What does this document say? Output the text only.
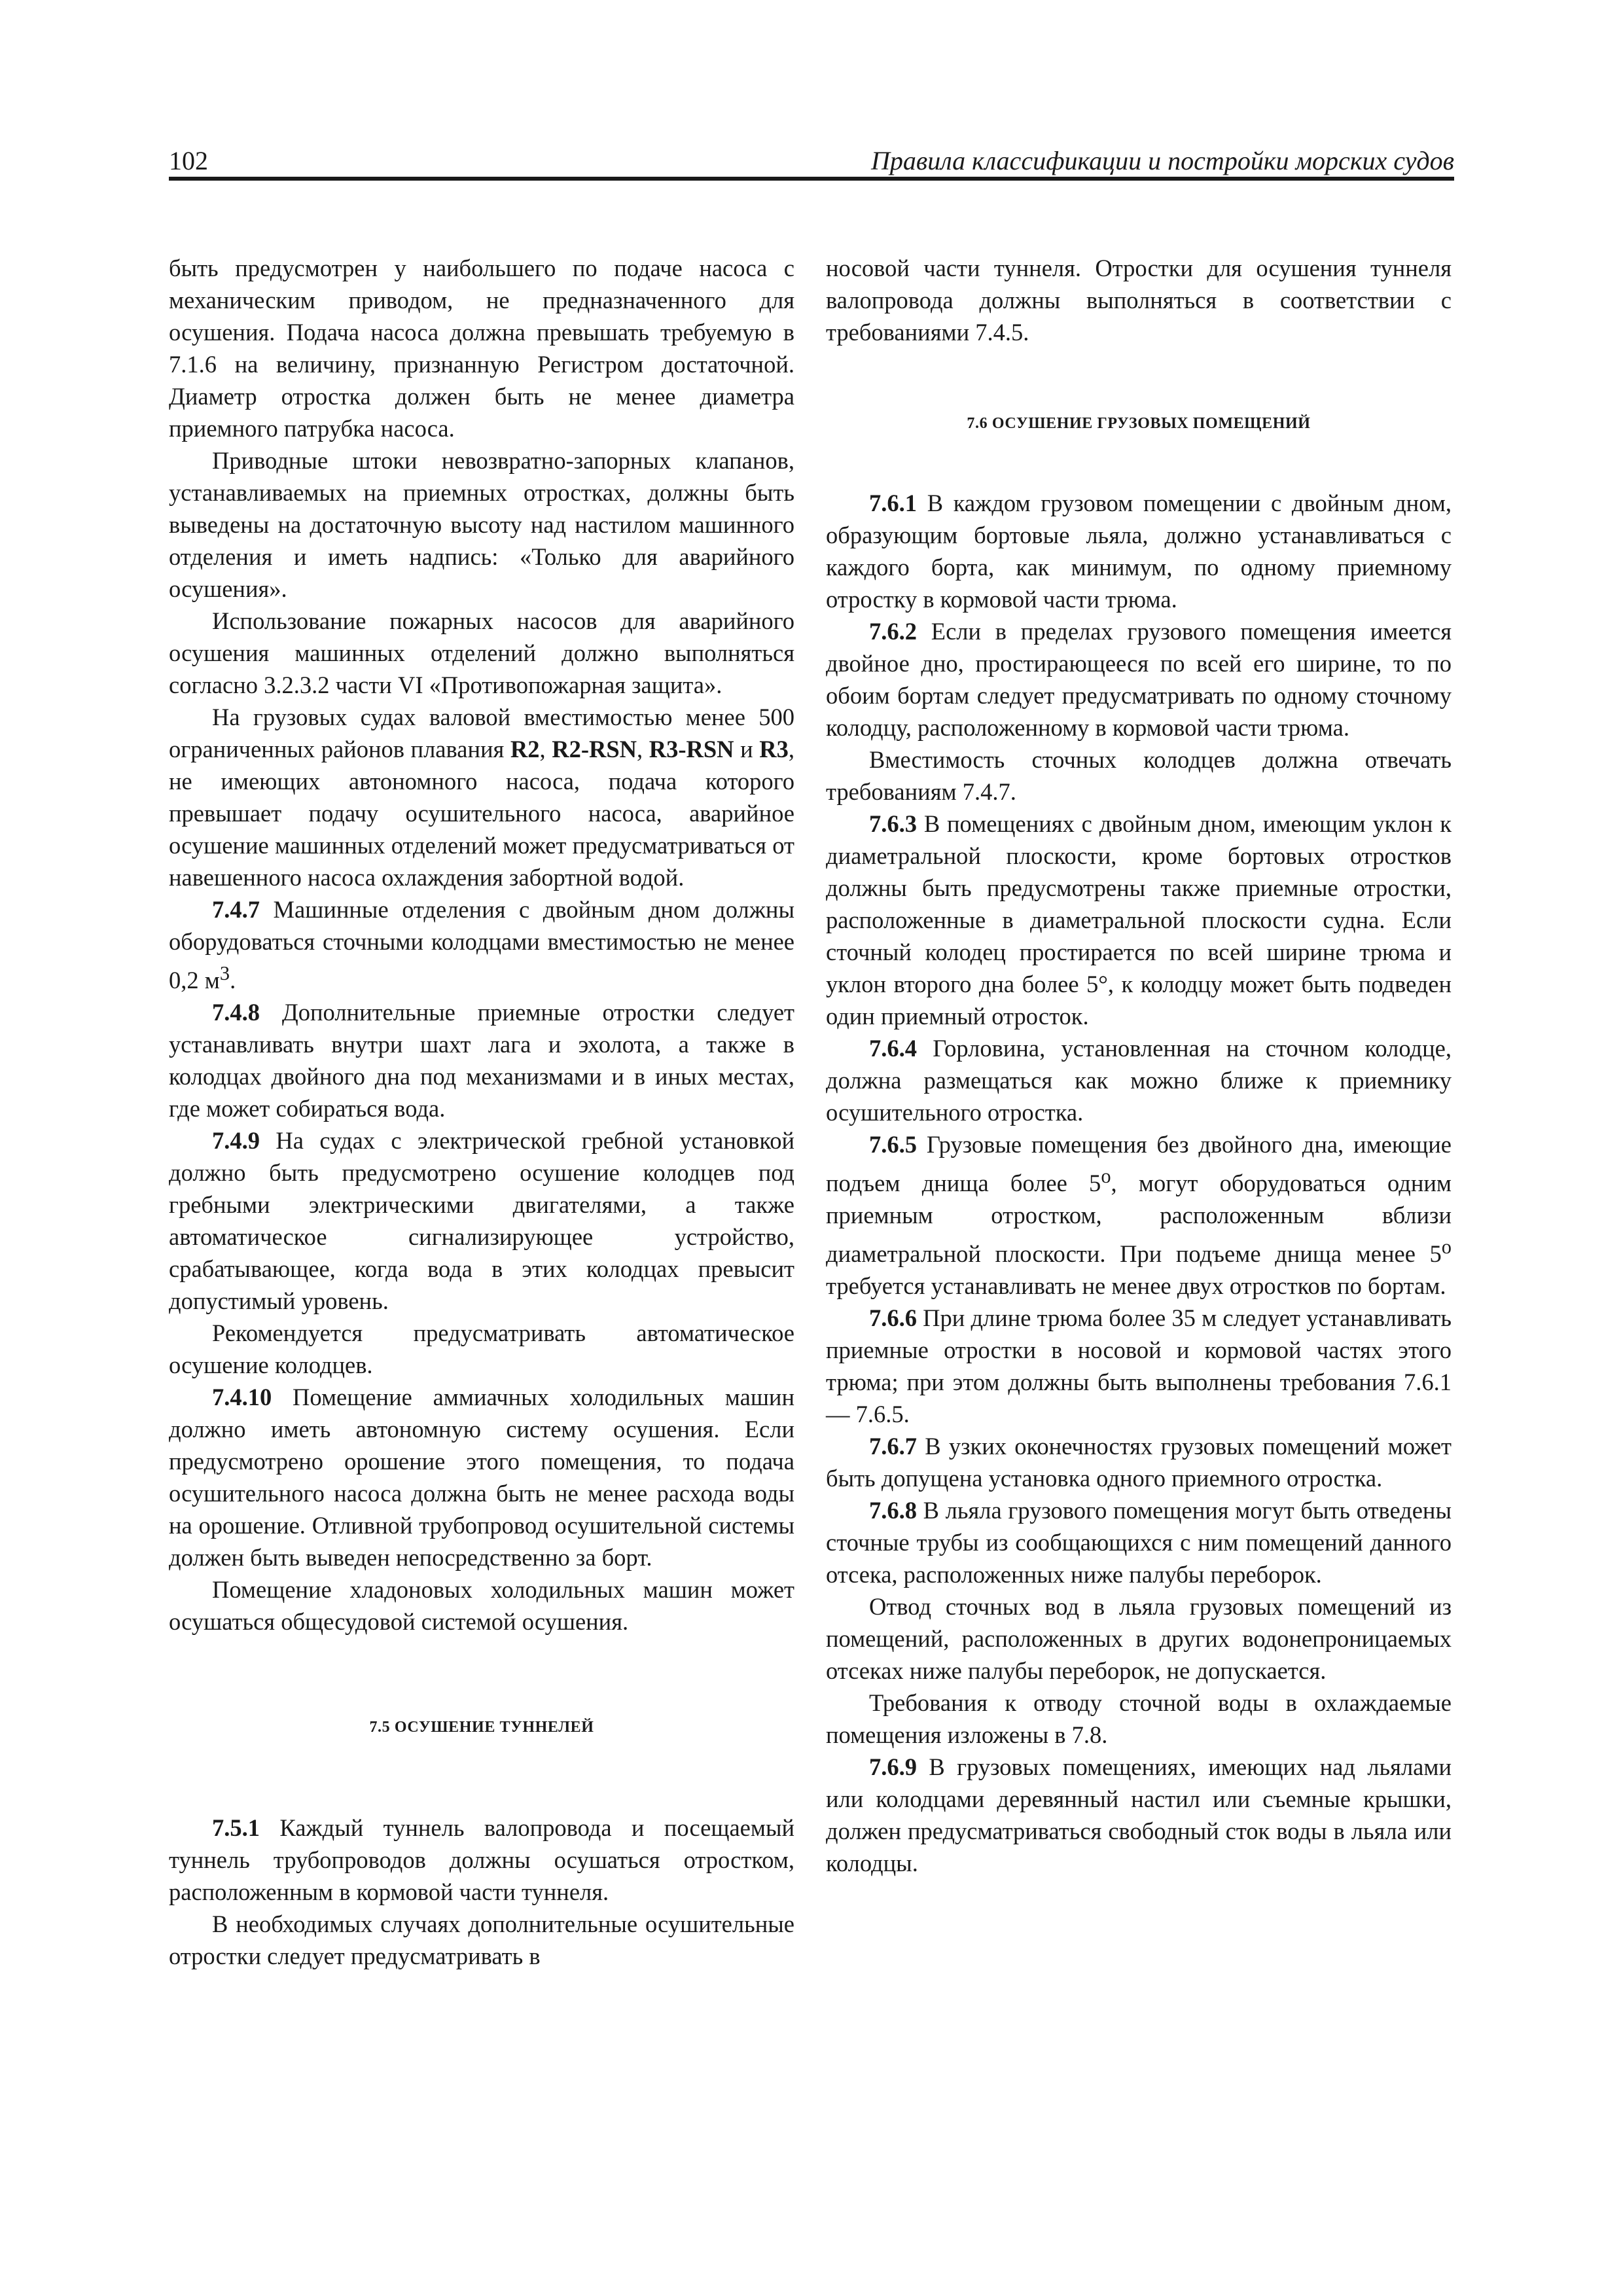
102	Правила классификации и постройки морских судов

быть предусмотрен у наибольшего по подаче насоса с механическим приводом, не предназначенного для осушения. Подача насоса должна превышать требуемую в 7.1.6 на величину, признанную Регистром достаточной. Диаметр отростка должен быть не менее диаметра приемного патрубка насоса.

Приводные штоки невозвратно-запорных клапанов, устанавливаемых на приемных отростках, должны быть выведены на достаточную высоту над настилом машинного отделения и иметь надпись: «Только для аварийного осушения».

Использование пожарных насосов для аварийного осушения машинных отделений должно выполняться согласно 3.2.3.2 части VI «Противопожарная защита».

На грузовых судах валовой вместимостью менее 500 ограниченных районов плавания R2, R2-RSN, R3-RSN и R3, не имеющих автономного насоса, подача которого превышает подачу осушительного насоса, аварийное осушение машинных отделений может предусматриваться от навешенного насоса охлаждения забортной водой.

7.4.7 Машинные отделения с двойным дном должны оборудоваться сточными колодцами вместимостью не менее 0,2 $м^3$.

7.4.8 Дополнительные приемные отростки следует устанавливать внутри шахт лага и эхолота, а также в колодцах двойного дна под механизмами и в иных местах, где может собираться вода.

7.4.9 На судах с электрической гребной установкой должно быть предусмотрено осушение колодцев под гребными электрическими двигателями, а также автоматическое сигнализирующее устройство, срабатывающее, когда вода в этих колодцах превысит допустимый уровень.

Рекомендуется предусматривать автоматическое осушение колодцев.

7.4.10 Помещение аммиачных холодильных машин должно иметь автономную систему осушения. Если предусмотрено орошение этого помещения, то подача осушительного насоса должна быть не менее расхода воды на орошение. Отливной трубопровод осушительной системы должен быть выведен непосредственно за борт.

Помещение хладоновых холодильных машин может осушаться общесудовой системой осушения.

7.5 ОСУШЕНИЕ ТУННЕЛЕЙ

7.5.1 Каждый туннель валопровода и посещаемый туннель трубопроводов должны осушаться отростком, расположенным в кормовой части туннеля.

В необходимых случаях дополнительные осушительные отростки следует предусматривать в

носовой части туннеля. Отростки для осушения туннеля валопровода должны выполняться в соответствии с требованиями 7.4.5.

7.6 ОСУШЕНИЕ ГРУЗОВЫХ ПОМЕЩЕНИЙ

7.6.1 В каждом грузовом помещении с двойным дном, образующим бортовые льяла, должно устанавливаться с каждого борта, как минимум, по одному приемному отростку в кормовой части трюма.

7.6.2 Если в пределах грузового помещения имеется двойное дно, простирающееся по всей его ширине, то по обоим бортам следует предусматривать по одному сточному колодцу, расположенному в кормовой части трюма.

Вместимость сточных колодцев должна отвечать требованиям 7.4.7.

7.6.3 В помещениях с двойным дном, имеющим уклон к диаметральной плоскости, кроме бортовых отростков должны быть предусмотрены также приемные отростки, расположенные в диаметральной плоскости судна. Если сточный колодец простирается по всей ширине трюма и уклон второго дна более 5°, к колодцу может быть подведен один приемный отросток.

7.6.4 Горловина, установленная на сточном колодце, должна размещаться как можно ближе к приемнику осушительного отростка.

7.6.5 Грузовые помещения без двойного дна, имеющие подъем днища более $5^о$, могут оборудоваться одним приемным отростком, расположенным вблизи диаметральной плоскости. При подъеме днища менее $5^о$ требуется устанавливать не менее двух отростков по бортам.

7.6.6 При длине трюма более 35 м следует устанавливать приемные отростки в носовой и кормовой частях этого трюма; при этом должны быть выполнены требования 7.6.1 — 7.6.5.

7.6.7 В узких оконечностях грузовых помещений может быть допущена установка одного приемного отростка.

7.6.8 В льяла грузового помещения могут быть отведены сточные трубы из сообщающихся с ним помещений данного отсека, расположенных ниже палубы переборок.

Отвод сточных вод в льяла грузовых помещений из помещений, расположенных в других водонепроницаемых отсеках ниже палубы переборок, не допускается.

Требования к отводу сточной воды в охлаждаемые помещения изложены в 7.8.

7.6.9 В грузовых помещениях, имеющих над льялами или колодцами деревянный настил или съемные крышки, должен предусматриваться свободный сток воды в льяла или колодцы.
